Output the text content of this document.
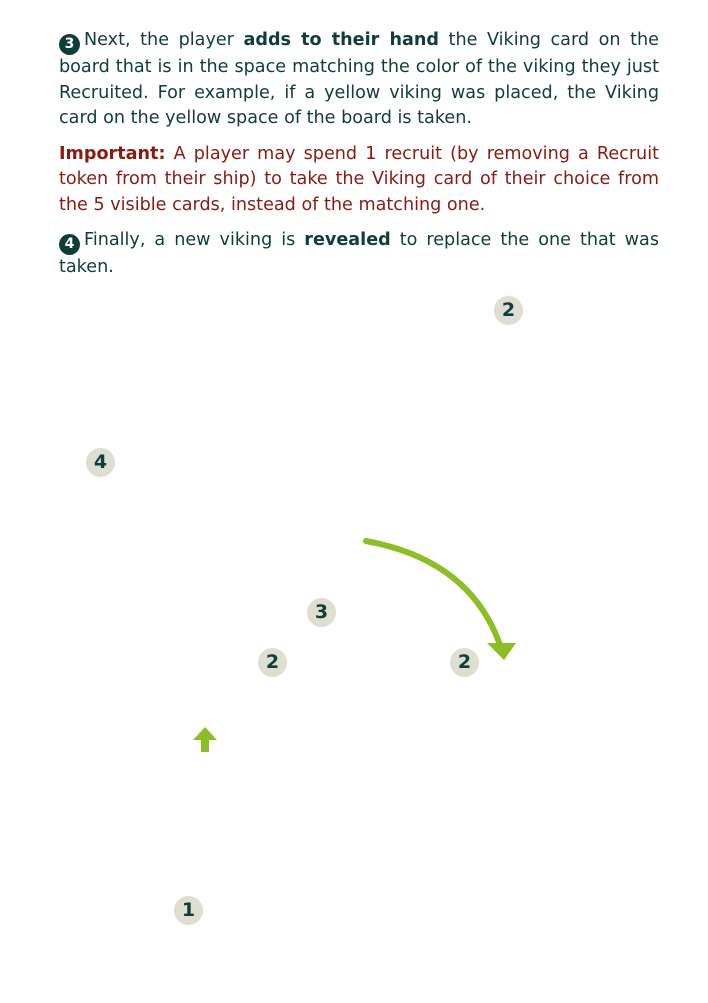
3 Next, the player adds to their hand the Viking card on the board that is in the space matching the color of the viking they just Recruited. For example, if a yellow viking was placed, the Viking card on the yellow space of the board is taken.

Important: A player may spend 1 recruit (by removing a Recruit token from their ship) to take the Viking card of their choice from the 5 visible cards, instead of the matching one.

4 Finally, a new viking is revealed to replace the one that was taken.

2
4
3
2	2
1
